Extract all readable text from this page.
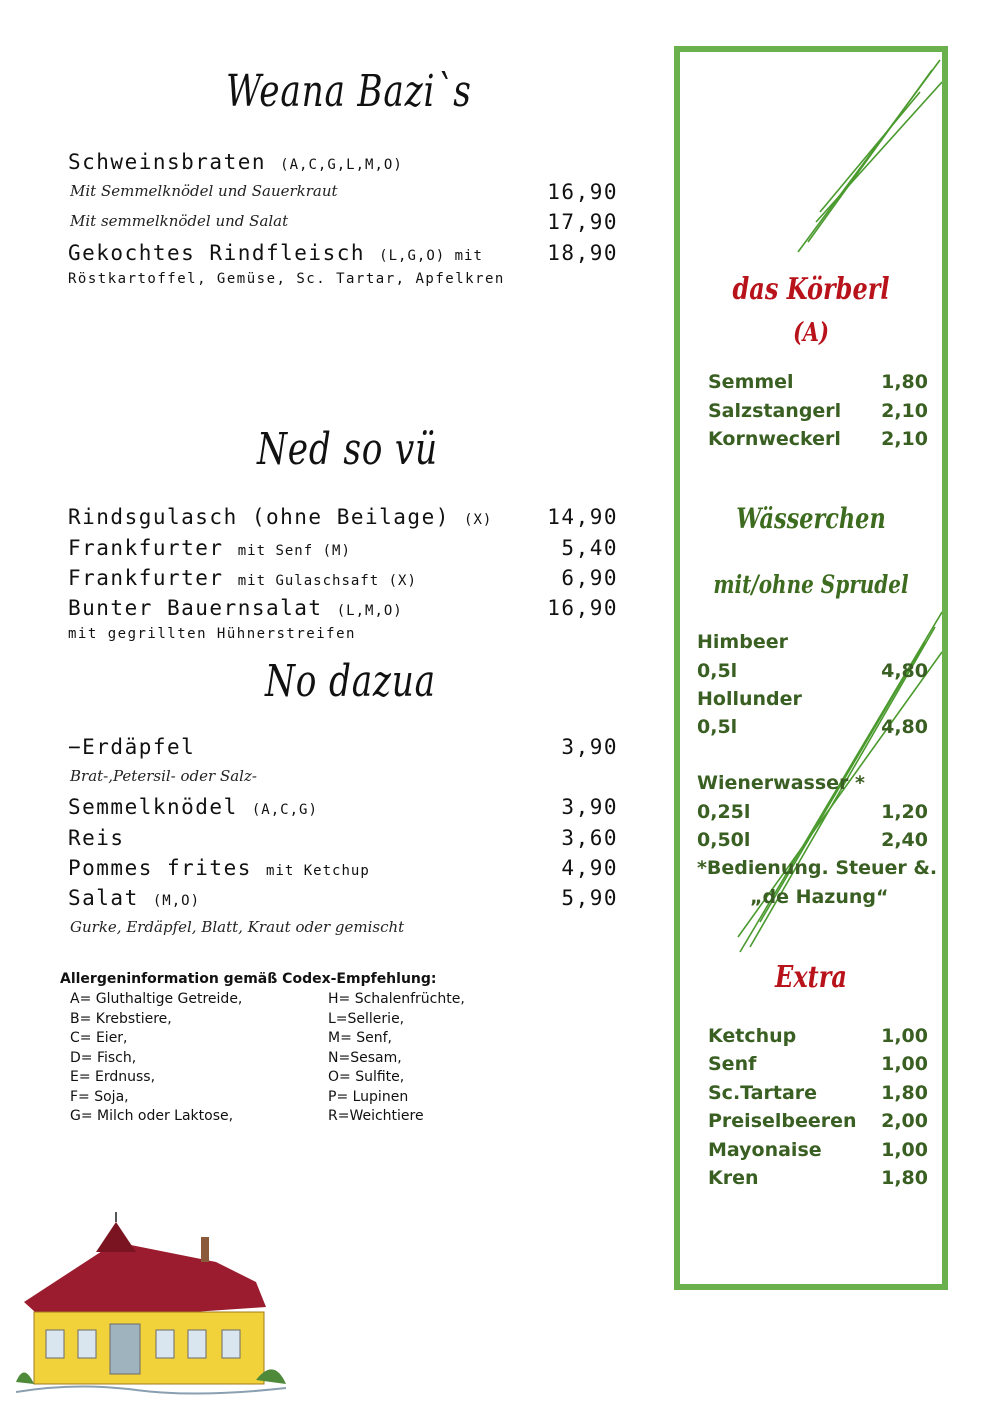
Weana Bazi`s
Schweinsbraten (A,C,G,L,M,O)
Mit Semmelknödel und Sauerkraut	16,90
Mit semmelknödel und Salat	17,90
Gekochtes Rindfleisch (L,G,O) mit	18,90
Röstkartoffel, Gemüse, Sc. Tartar, Apfelkren
Ned so vü
Rindsgulasch (ohne Beilage) (X)	14,90
Frankfurter mit Senf (M)	5,40
Frankfurter mit Gulaschsaft (X)	6,90
Bunter Bauernsalat (L,M,O)	16,90
mit gegrillten Hühnerstreifen
No dazua
−Erdäpfel	3,90
Brat-,Petersil- oder Salz-
Semmelknödel (A,C,G)	3,90
Reis	3,60
Pommes frites mit Ketchup	4,90
Salat (M,O)	5,90
Gurke, Erdäpfel, Blatt, Kraut oder gemischt
Allergeninformation gemäß Codex-Empfehlung:
A= Gluthaltige Getreide,
B= Krebstiere,
C= Eier,
D= Fisch,
E= Erdnuss,
F= Soja,
G= Milch oder Laktose,
H= Schalenfrüchte,
L=Sellerie,
M= Senf,
N=Sesam,
O= Sulfite,
P= Lupinen
R=Weichtiere
das Körberl
(A)
Semmel	1,80
Salzstangerl	2,10
Kornweckerl	2,10
Wässerchen
mit/ohne Sprudel
Himbeer
0,5l	4,80
Hollunder
0,5l	4,80
Wienerwasser *
0,25l	1,20
0,50l	2,40
*Bedienung. Steuer &.
„de Hazung“
Extra
Ketchup	1,00
Senf	1,00
Sc.Tartare	1,80
Preiselbeeren	2,00
Mayonaise	1,00
Kren	1,80
